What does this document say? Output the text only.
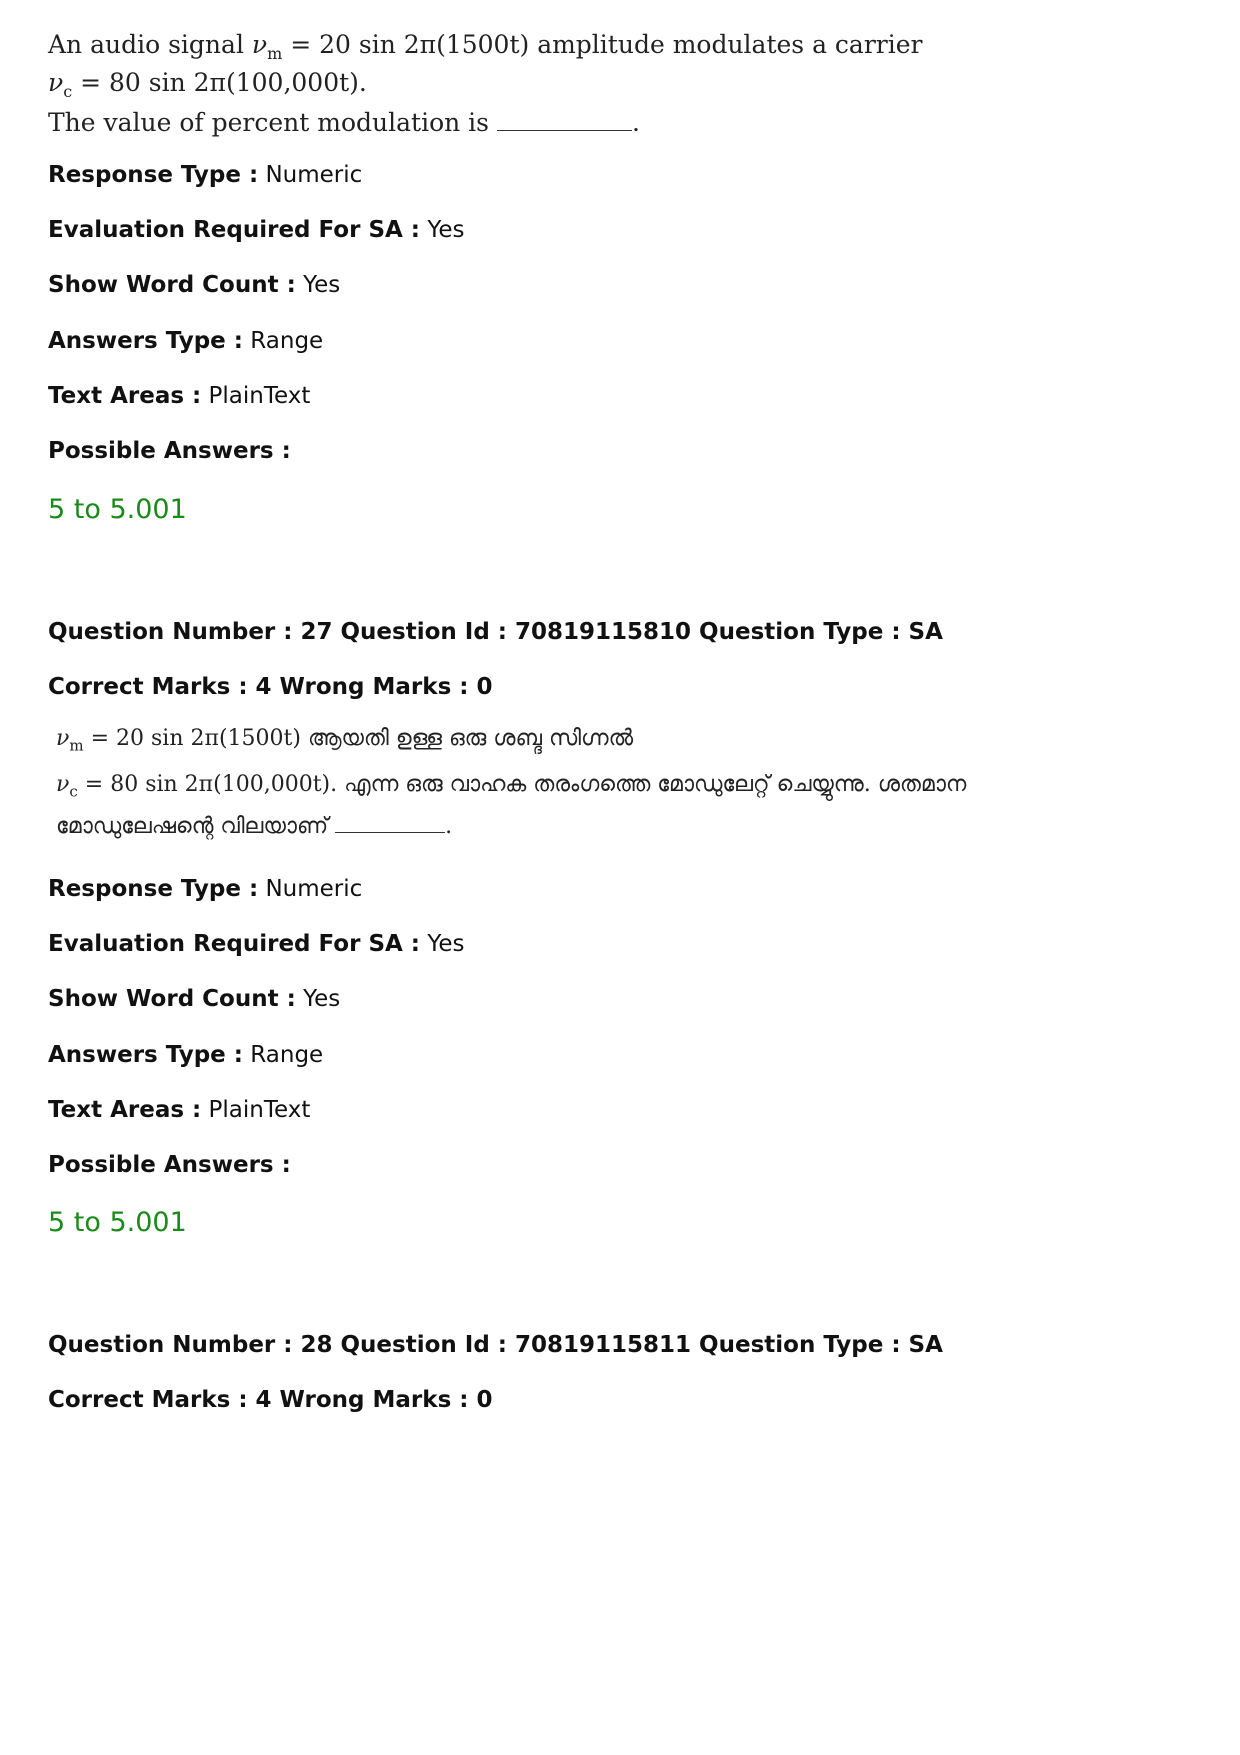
An audio signal $\nu_m = 20$ sin 2π(1500t) amplitude modulates a carrier
$\nu_c = 80$ sin 2π(100,000t).
The value of percent modulation is	.
Response Type : Numeric
Evaluation Required For SA : Yes
Show Word Count : Yes
Answers Type : Range
Text Areas : PlainText
Possible Answers :
5 to 5.001
Question Number : 27 Question Id : 70819115810 Question Type : SA
Correct Marks : 4 Wrong Marks : 0
$\nu_m = 20$ sin 2π(1500t) ആയതി ഉള്ള ഒരു ശബ്ദ സിഗ്നൽ
$\nu_c = 80$ sin 2π(100,000t). എന്ന ഒരു വാഹക തരംഗത്തെ മോഡുലേറ്റ് ചെയ്യുന്നു. ശതമാന
മോഡുലേഷന്റെ വിലയാണ്	.
Response Type : Numeric
Evaluation Required For SA : Yes
Show Word Count : Yes
Answers Type : Range
Text Areas : PlainText
Possible Answers :
5 to 5.001
Question Number : 28 Question Id : 70819115811 Question Type : SA
Correct Marks : 4 Wrong Marks : 0
